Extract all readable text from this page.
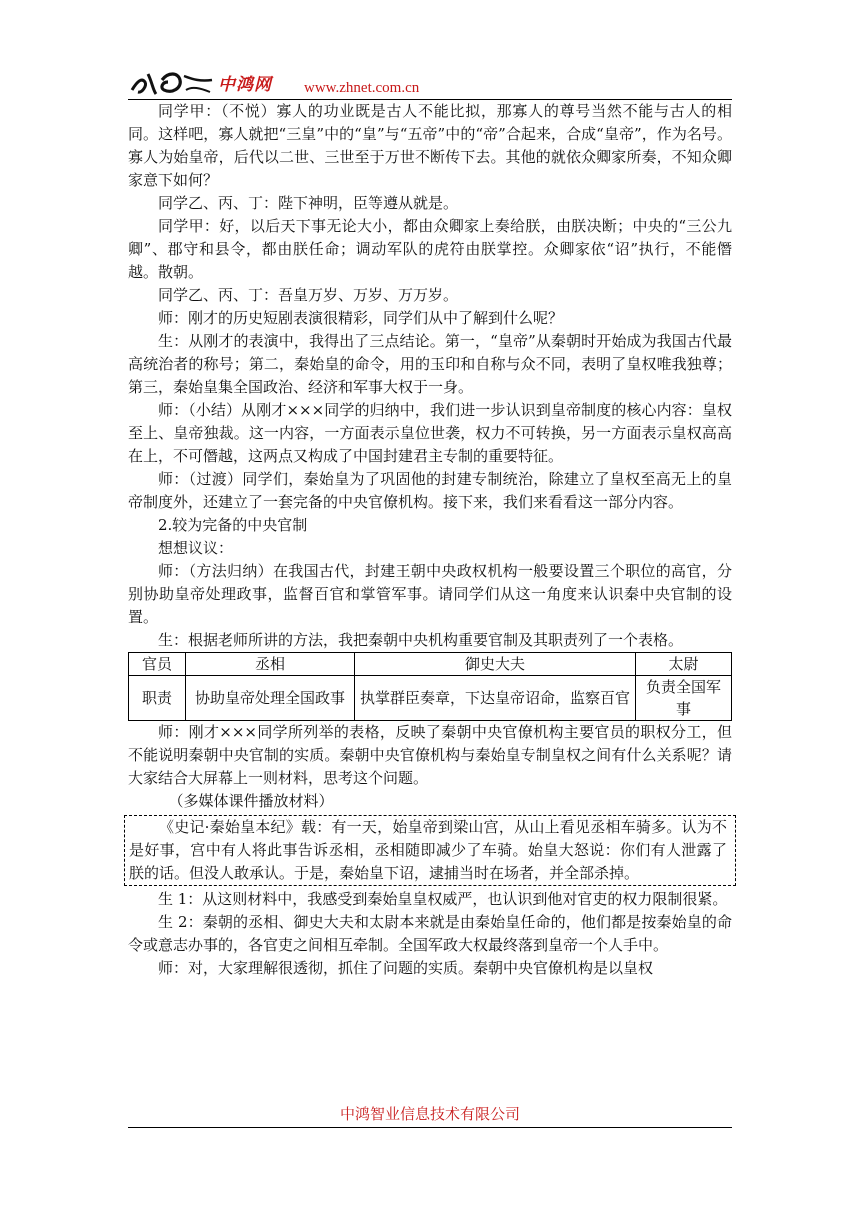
中鸿网 www.zhnet.com.cn

同学甲：（不悦）寡人的功业既是古人不能比拟，那寡人的尊号当然不能与古人的相同。这样吧，寡人就把“三皇”中的“皇”与“五帝”中的“帝”合起来，合成“皇帝”，作为名号。寡人为始皇帝，后代以二世、三世至于万世不断传下去。其他的就依众卿家所奏，不知众卿家意下如何？

同学乙、丙、丁：陛下神明，臣等遵从就是。

同学甲：好，以后天下事无论大小，都由众卿家上奏给朕，由朕决断；中央的“三公九卿”、郡守和县令，都由朕任命；调动军队的虎符由朕掌控。众卿家依“诏”执行，不能僭越。散朝。

同学乙、丙、丁：吾皇万岁、万岁、万万岁。

师：刚才的历史短剧表演很精彩，同学们从中了解到什么呢？

生：从刚才的表演中，我得出了三点结论。第一，“皇帝”从秦朝时开始成为我国古代最高统治者的称号；第二，秦始皇的命令，用的玉印和自称与众不同，表明了皇权唯我独尊；第三，秦始皇集全国政治、经济和军事大权于一身。

师：（小结）从刚才×××同学的归纳中，我们进一步认识到皇帝制度的核心内容：皇权至上、皇帝独裁。这一内容，一方面表示皇位世袭，权力不可转换，另一方面表示皇权高高在上，不可僭越，这两点又构成了中国封建君主专制的重要特征。

师：（过渡）同学们，秦始皇为了巩固他的封建专制统治，除建立了皇权至高无上的皇帝制度外，还建立了一套完备的中央官僚机构。接下来，我们来看看这一部分内容。

2.较为完备的中央官制

想想议议：

师：（方法归纳）在我国古代，封建王朝中央政权机构一般要设置三个职位的高官，分别协助皇帝处理政事，监督百官和掌管军事。请同学们从这一角度来认识秦中央官制的设置。

生：根据老师所讲的方法，我把秦朝中央机构重要官制及其职责列了一个表格。

官员	丞相	御史大夫	太尉
职责	协助皇帝处理全国政事	执掌群臣奏章，下达皇帝诏命，监察百官	负责全国军事

师：刚才×××同学所列举的表格，反映了秦朝中央官僚机构主要官员的职权分工，但不能说明秦朝中央官制的实质。秦朝中央官僚机构与秦始皇专制皇权之间有什么关系呢？请大家结合大屏幕上一则材料，思考这个问题。

（多媒体课件播放材料）

《史记·秦始皇本纪》载：有一天，始皇帝到梁山宫，从山上看见丞相车骑多。认为不是好事，宫中有人将此事告诉丞相，丞相随即减少了车骑。始皇大怒说：你们有人泄露了朕的话。但没人敢承认。于是，秦始皇下诏，逮捕当时在场者，并全部杀掉。

生 1：从这则材料中，我感受到秦始皇皇权威严，也认识到他对官吏的权力限制很紧。

生 2：秦朝的丞相、御史大夫和太尉本来就是由秦始皇任命的，他们都是按秦始皇的命令或意志办事的，各官吏之间相互牵制。全国军政大权最终落到皇帝一个人手中。

师：对，大家理解很透彻，抓住了问题的实质。秦朝中央官僚机构是以皇权

中鸿智业信息技术有限公司
